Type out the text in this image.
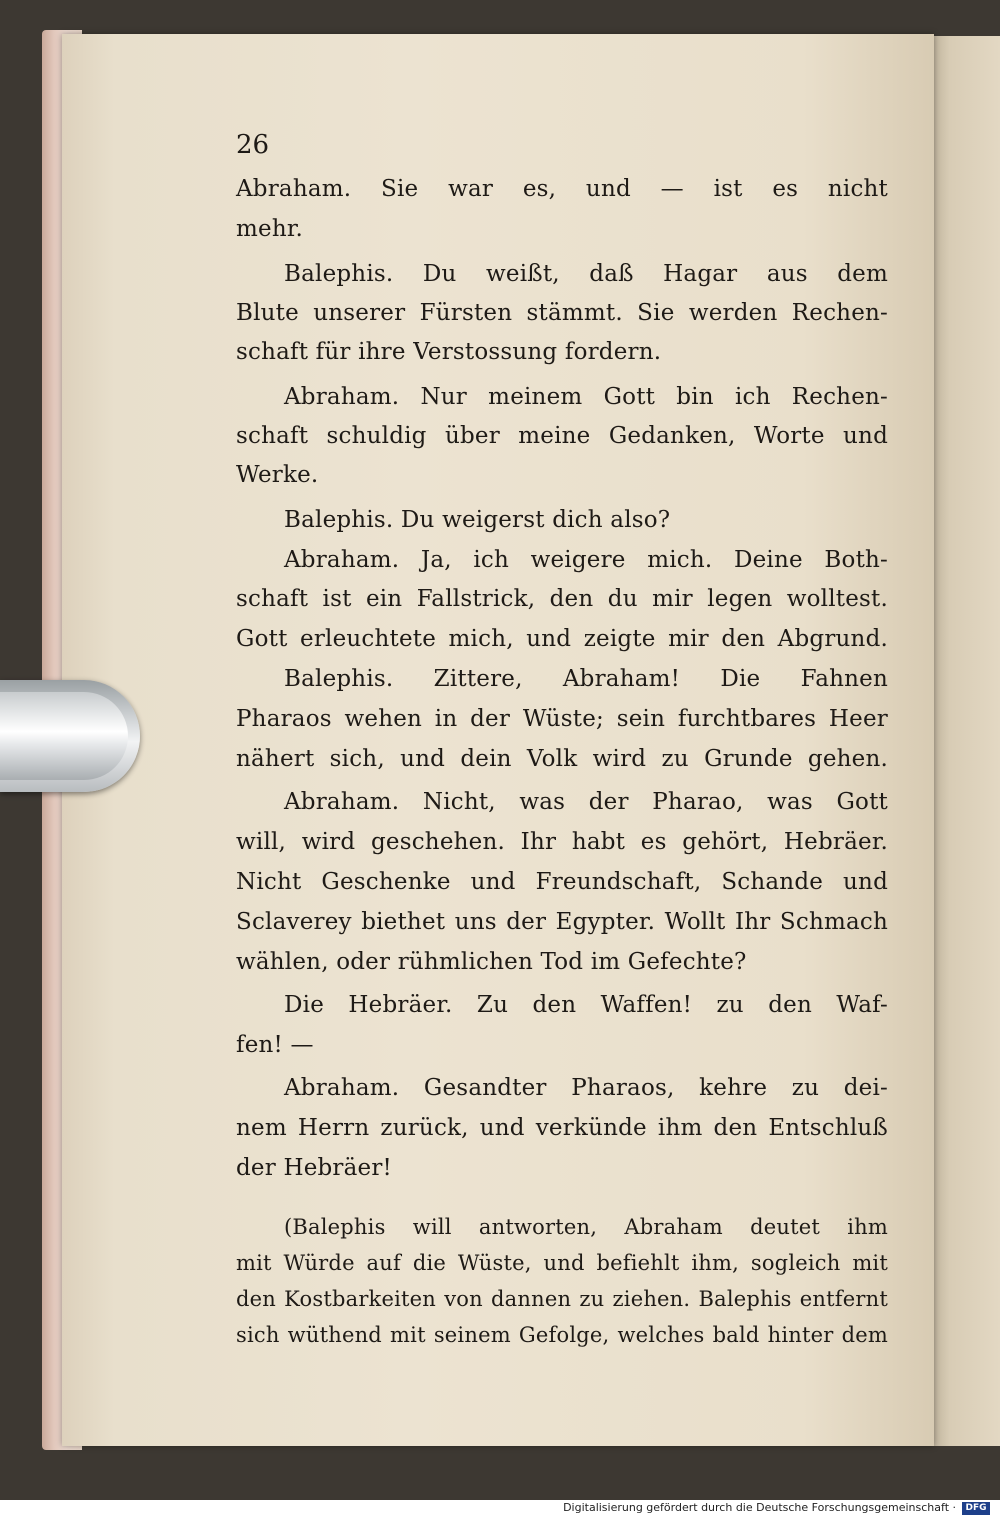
26
Abraham. Sie war es, und — ist es nicht
mehr.
Balephis. Du weißt, daß Hagar aus dem
Blute unserer Fürsten stämmt. Sie werden Rechen-
schaft für ihre Verstossung fordern.
Abraham. Nur meinem Gott bin ich Rechen-
schaft schuldig über meine Gedanken, Worte und
Werke.
Balephis. Du weigerst dich also?
Abraham. Ja, ich weigere mich. Deine Both-
schaft ist ein Fallstrick, den du mir legen wolltest.
Gott erleuchtete mich, und zeigte mir den Abgrund.
Balephis. Zittere, Abraham! Die Fahnen
Pharaos wehen in der Wüste; sein furchtbares Heer
nähert sich, und dein Volk wird zu Grunde gehen.
Abraham. Nicht, was der Pharao, was Gott
will, wird geschehen. Ihr habt es gehört, Hebräer.
Nicht Geschenke und Freundschaft, Schande und
Sclaverey biethet uns der Egypter. Wollt Ihr Schmach
wählen, oder rühmlichen Tod im Gefechte?
Die Hebräer. Zu den Waffen! zu den Waf-
fen! —
Abraham. Gesandter Pharaos, kehre zu dei-
nem Herrn zurück, und verkünde ihm den Entschluß
der Hebräer!
(Balephis will antworten, Abraham deutet ihm
mit Würde auf die Wüste, und befiehlt ihm, sogleich mit
den Kostbarkeiten von dannen zu ziehen. Balephis entfernt
sich wüthend mit seinem Gefolge, welches bald hinter dem
Digitalisierung gefördert durch die Deutsche Forschungsgemeinschaft ·	DFG
